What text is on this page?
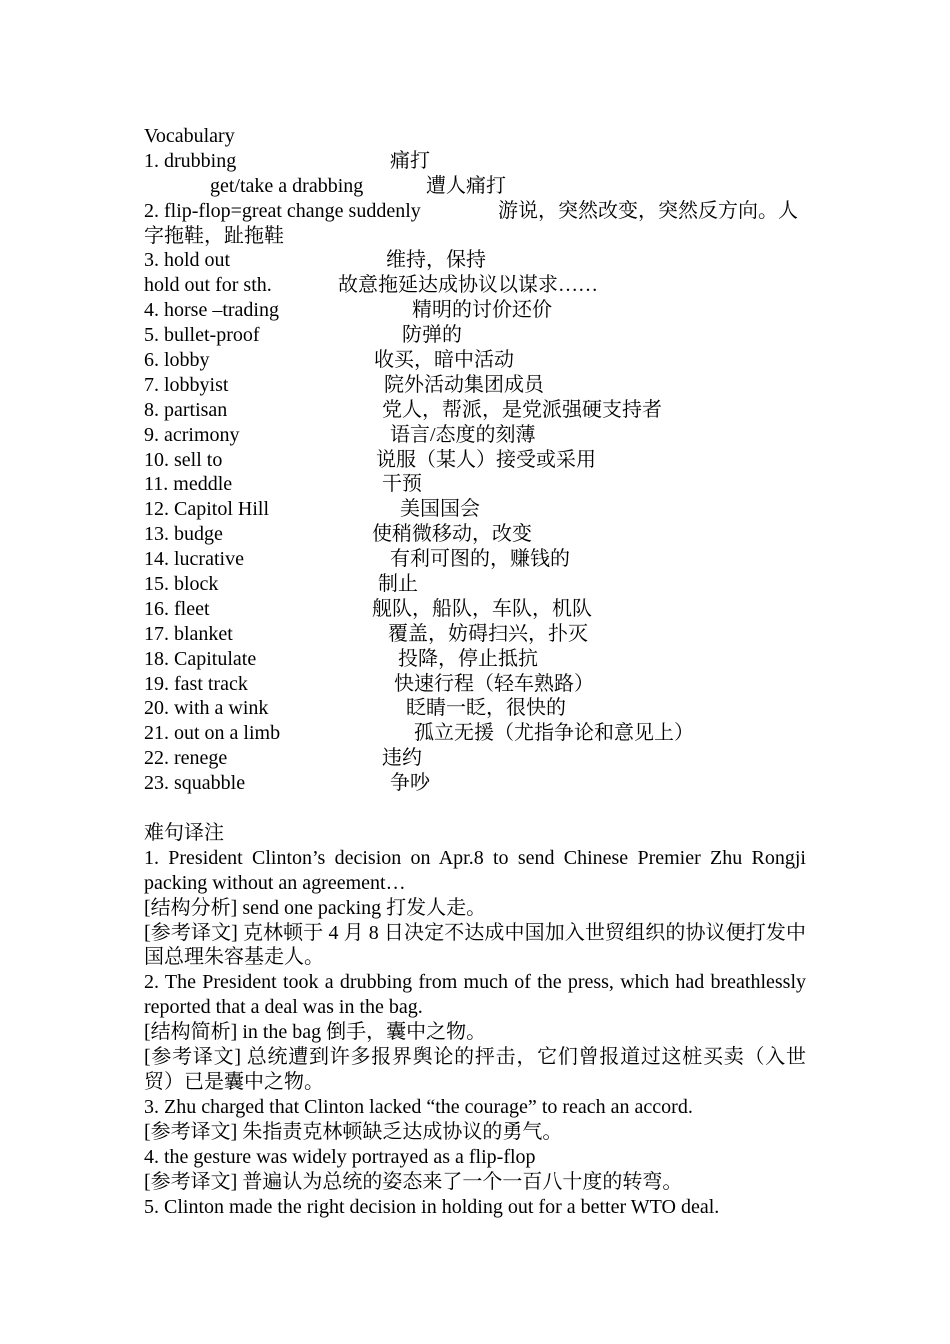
Vocabulary
1. drubbing	痛打
get/take a drabbing	遭人痛打
2. flip-flop=great change suddenly	游说，突然改变，突然反方向。人
字拖鞋，趾拖鞋
3. hold out	维持，保持
hold out for sth.	故意拖延达成协议以谋求……
4. horse –trading	精明的讨价还价
5. bullet-proof	防弹的
6. lobby	收买，暗中活动
7. lobbyist	院外活动集团成员
8. partisan	党人，帮派，是党派强硬支持者
9. acrimony	语言/态度的刻薄
10. sell to	说服（某人）接受或采用
11. meddle	干预
12. Capitol Hill	美国国会
13. budge	使稍微移动，改变
14. lucrative	有利可图的，赚钱的
15. block	制止
16. fleet	舰队，船队，车队，机队
17. blanket	覆盖，妨碍扫兴，扑灭
18. Capitulate	投降，停止抵抗
19. fast track	快速行程（轻车熟路）
20. with a wink	眨睛一眨，很快的
21. out on a limb	孤立无援（尤指争论和意见上）
22. renege	违约
23. squabble	争吵
难句译注
1. President Clinton’s decision on Apr.8 to send Chinese Premier Zhu Rongji packing without an agreement…
[结构分析] send one packing 打发人走。
[参考译文] 克林顿于 4 月 8 日决定不达成中国加入世贸组织的协议便打发中国总理朱容基走人。
2. The President took a drubbing from much of the press, which had breathlessly reported that a deal was in the bag.
[结构简析] in the bag 倒手，囊中之物。
[参考译文] 总统遭到许多报界舆论的抨击，它们曾报道过这桩买卖（入世贸）已是囊中之物。
3. Zhu charged that Clinton lacked “the courage” to reach an accord.
[参考译文] 朱指责克林顿缺乏达成协议的勇气。
4. the gesture was widely portrayed as a flip-flop
[参考译文] 普遍认为总统的姿态来了一个一百八十度的转弯。
5. Clinton made the right decision in holding out for a better WTO deal.
